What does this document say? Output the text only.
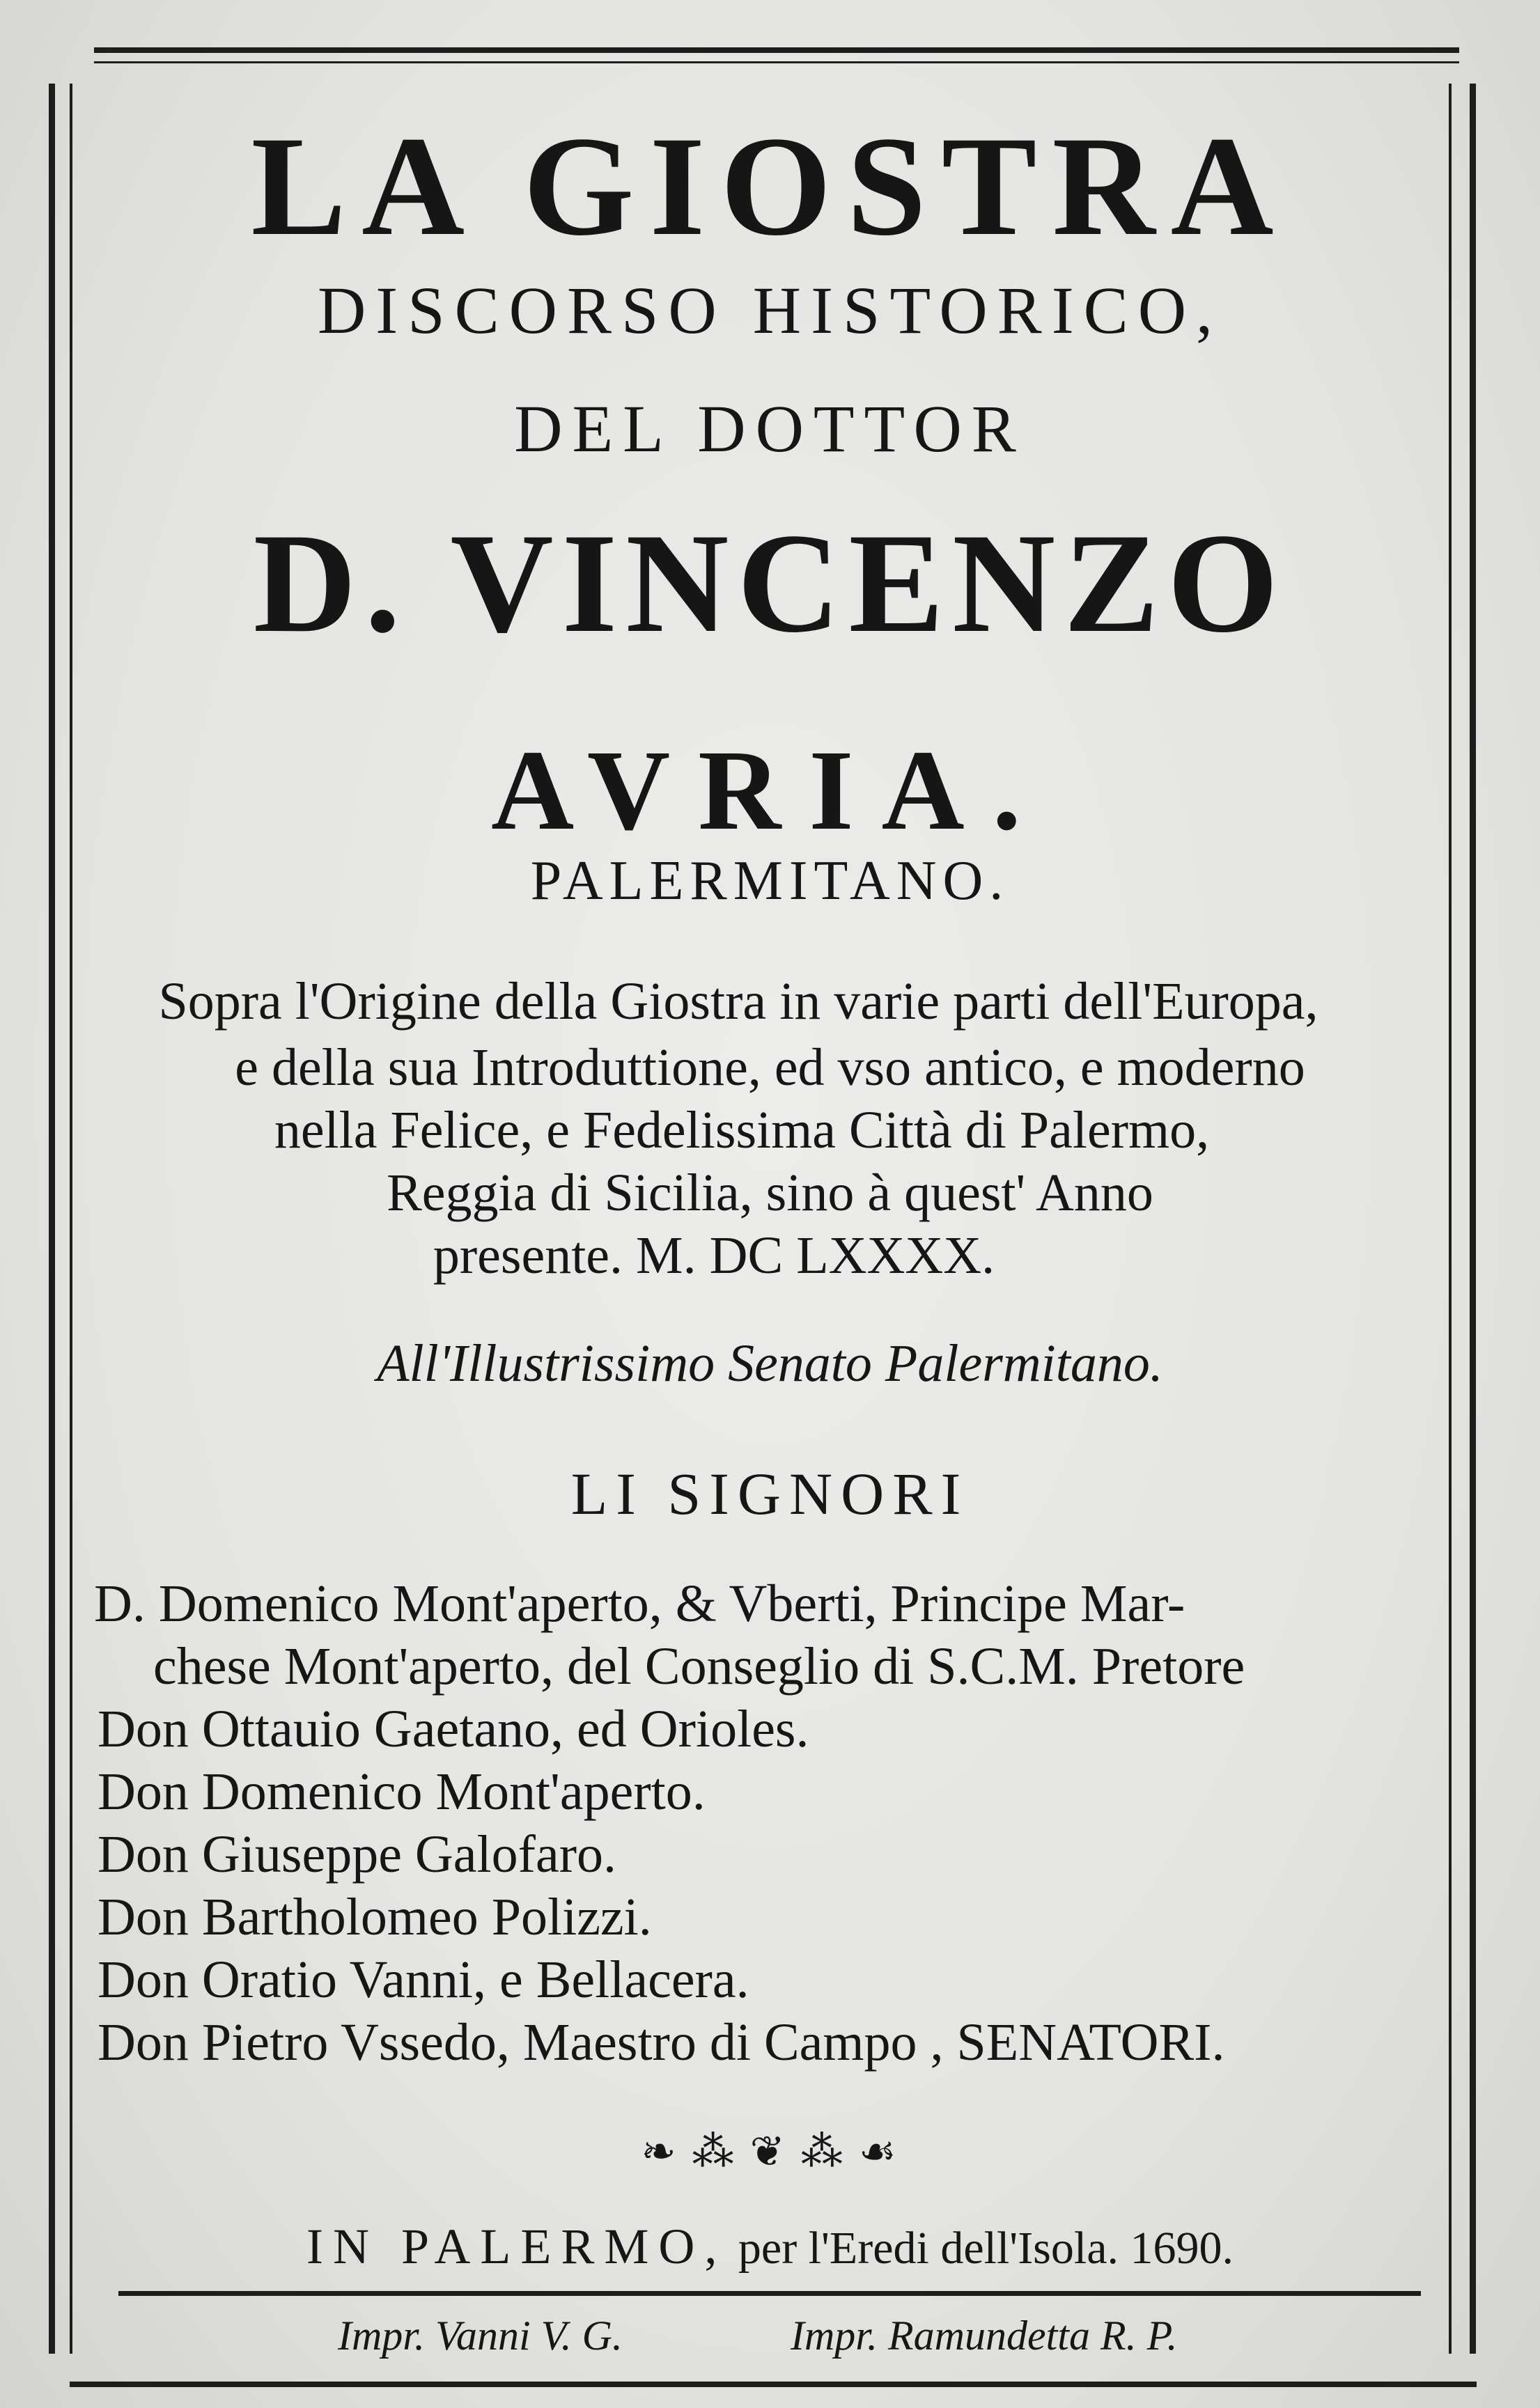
LA GIOSTRA
DISCORSO HISTORICO,
DEL DOTTOR
D. VINCENZO
AVRIA.
PALERMITANO.
Sopra l'Origine della Giostra in varie parti dell'Europa,
e della sua Introduttione, ed vso antico, e moderno
nella Felice, e Fedelissima Città di Palermo,
Reggia di Sicilia, sino à quest' Anno
presente. M. DC LXXXX.
All'Illustrissimo Senato Palermitano.
LI SIGNORI
D. Domenico Mont'aperto, & Vberti, Principe Mar-
chese Mont'aperto, del Conseglio di S.C.M. Pretore
Don Ottauio Gaetano, ed Orioles.
Don Domenico Mont'aperto.
Don Giuseppe Galofaro.
Don Bartholomeo Polizzi.
Don Oratio Vanni, e Bellacera.
Don Pietro Vssedo, Maestro di Campo , SENATORI.
❧ ⁂ ❦ ⁂ ☙
IN PALERMO, per l'Eredi dell'Isola. 1690.
Impr. Vanni V. G.	Impr. Ramundetta R. P.
